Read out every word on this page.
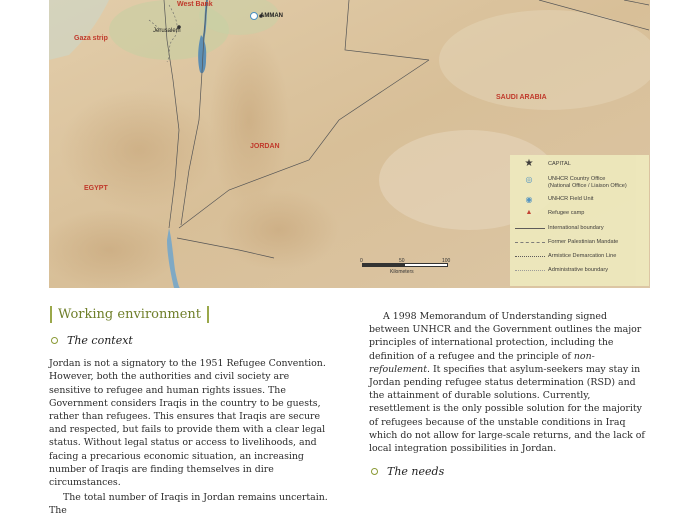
West Bank
AMMAN
Jerusalem
Gaza strip
SAUDI ARABIA
JORDAN
EGYPT
0	50	100
Kilometers
★	CAPITAL
◎	UNHCR Country Office
(National Office / Liaison Office)
◉	UNHCR Field Unit
▲	Refugee camp
International boundary
Former Palestinian Mandate
Armistice Demarcation Line
Administrative boundary
Working environment
The context

Jordan is not a signatory to the 1951 Refugee Convention. However, both the authorities and civil society are sensitive to refugee and human rights issues. The Government considers Iraqis in the country to be guests, rather than refugees. This ensures that Iraqis are secure and respected, but fails to provide them with a clear legal status. Without legal status or access to livelihoods, and facing a precarious economic situation, an increasing number of Iraqis are finding themselves in dire circumstances.

The total number of Iraqis in Jordan remains uncertain. The

A 1998 Memorandum of Understanding signed between UNHCR and the Government outlines the major principles of international protection, including the definition of a refugee and the principle of non-refoulement. It specifies that asylum-seekers may stay in Jordan pending refugee status determination (RSD) and the attainment of durable solutions. Currently, resettlement is the only possible solution for the majority of refugees because of the unstable conditions in Iraq which do not allow for large-scale returns, and the lack of local integration possibilities in Jordan.

The needs
